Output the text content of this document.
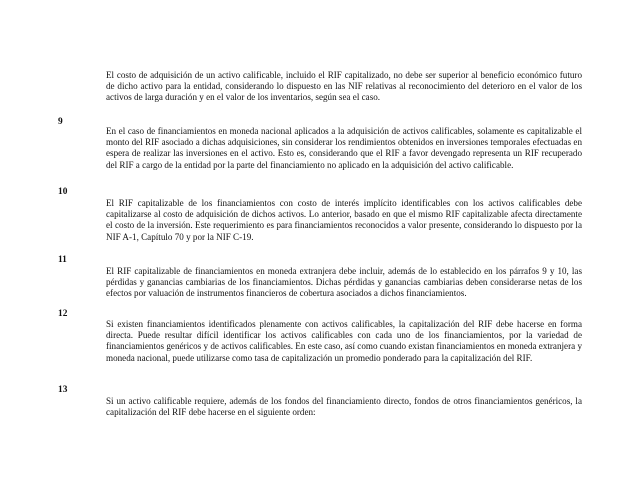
El costo de adquisición de un activo calificable, incluido el RIF capitalizado, no debe ser superior al beneficio económico futuro de dicho activo para la entidad, considerando lo dispuesto en las NIF relativas al reconocimiento del deterioro en el valor de los activos de larga duración y en el valor de los inventarios, según sea el caso.

9

En el caso de financiamientos en moneda nacional aplicados a la adquisición de activos calificables, solamente es capitalizable el monto del RIF asociado a dichas adquisiciones, sin considerar los rendimientos obtenidos en inversiones temporales efectuadas en espera de realizar las inversiones en el activo. Esto es, considerando que el RIF a favor devengado representa un RIF recuperado del RIF a cargo de la entidad por la parte del financiamiento no aplicado en la adquisición del activo calificable.

10

El RIF capitalizable de los financiamientos con costo de interés implícito identificables con los activos calificables debe capitalizarse al costo de adquisición de dichos activos. Lo anterior, basado en que el mismo RIF capitalizable afecta directamente el costo de la inversión. Este requerimiento es para financiamientos reconocidos a valor presente, considerando lo dispuesto por la NIF A-1, Capítulo 70 y por la NIF C-19.

11

El RIF capitalizable de financiamientos en moneda extranjera debe incluir, además de lo establecido en los párrafos 9 y 10, las pérdidas y ganancias cambiarias de los financiamientos. Dichas pérdidas y ganancias cambiarias deben considerarse netas de los efectos por valuación de instrumentos financieros de cobertura asociados a dichos financiamientos.

12

Si existen financiamientos identificados plenamente con activos calificables, la capitalización del RIF debe hacerse en forma directa. Puede resultar difícil identificar los activos calificables con cada uno de los financiamientos, por la variedad de financiamientos genéricos y de activos calificables. En este caso, así como cuando existan financiamientos en moneda extranjera y moneda nacional, puede utilizarse como tasa de capitalización un promedio ponderado para la capitalización del RIF.

13

Si un activo calificable requiere, además de los fondos del financiamiento directo, fondos de otros financiamientos genéricos, la capitalización del RIF debe hacerse en el siguiente orden:
